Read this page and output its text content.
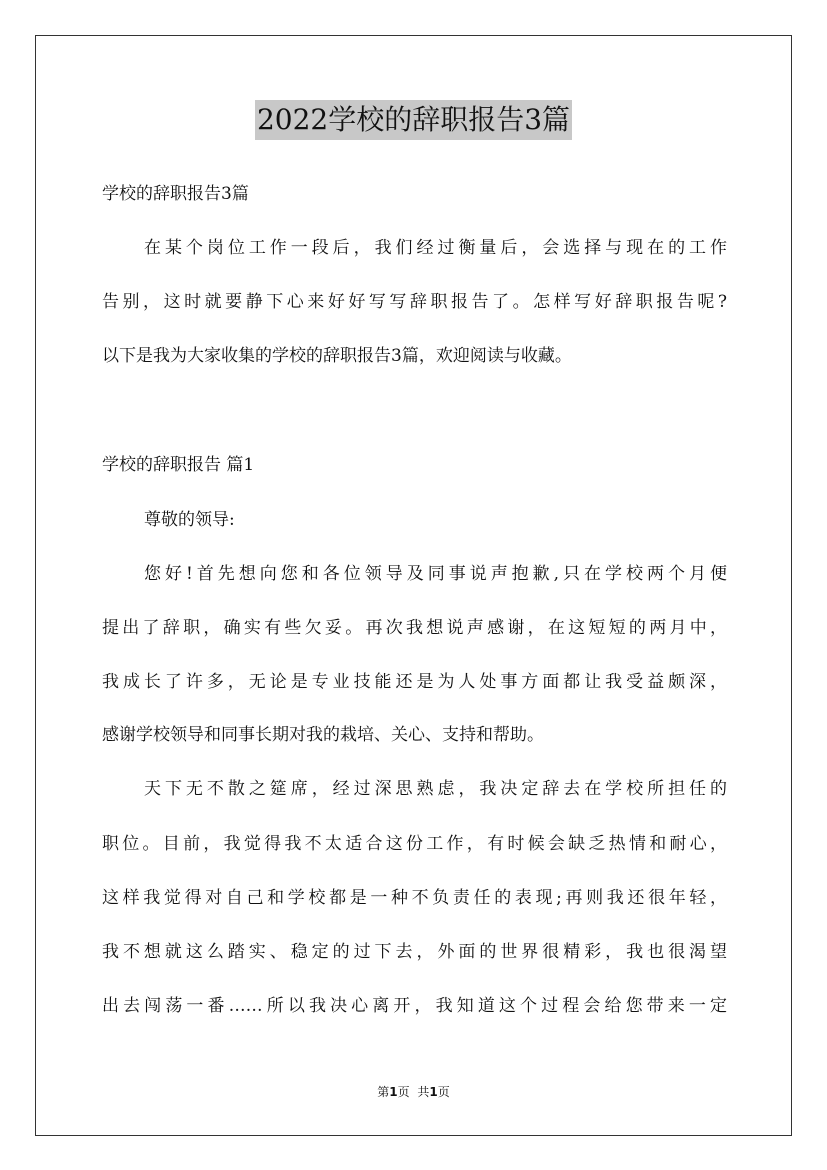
2022学校的辞职报告3篇
学校的辞职报告3篇
在某个岗位工作一段后，我们经过衡量后，会选择与现在的工作
告别，这时就要静下心来好好写写辞职报告了。怎样写好辞职报告呢?
以下是我为大家收集的学校的辞职报告3篇，欢迎阅读与收藏。
学校的辞职报告 篇1
尊敬的领导:
您好!首先想向您和各位领导及同事说声抱歉,只在学校两个月便
提出了辞职，确实有些欠妥。再次我想说声感谢，在这短短的两月中，
我成长了许多，无论是专业技能还是为人处事方面都让我受益颇深，
感谢学校领导和同事长期对我的栽培、关心、支持和帮助。
天下无不散之筵席，经过深思熟虑，我决定辞去在学校所担任的
职位。目前，我觉得我不太适合这份工作，有时候会缺乏热情和耐心，
这样我觉得对自己和学校都是一种不负责任的表现;再则我还很年轻，
我不想就这么踏实、稳定的过下去，外面的世界很精彩，我也很渴望
出去闯荡一番……所以我决心离开，我知道这个过程会给您带来一定
第1页 共1页
